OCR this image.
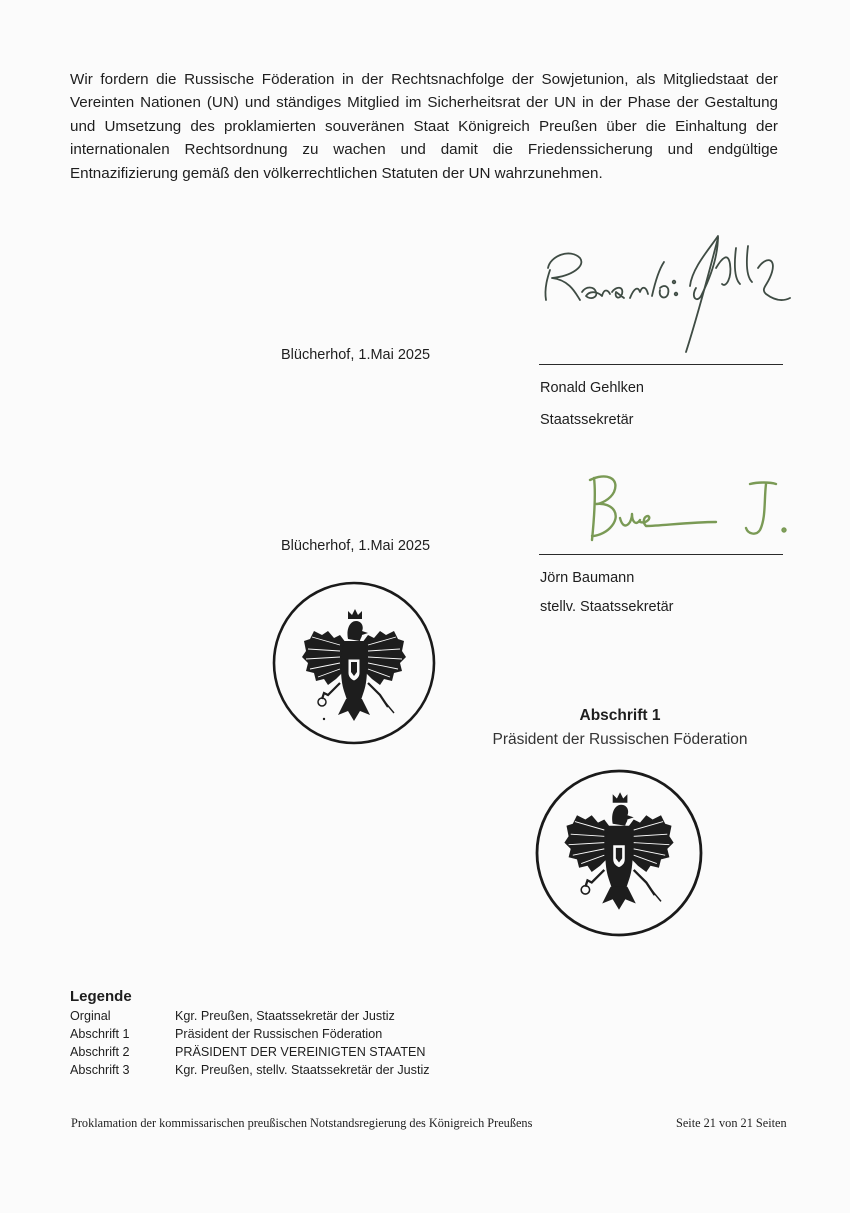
Wir fordern die Russische Föderation in der Rechtsnachfolge der Sowjetunion, als Mitgliedstaat der Vereinten Nationen (UN) und ständiges Mitglied im Sicherheitsrat der UN in der Phase der Gestaltung und Umsetzung des proklamierten souveränen Staat Königreich Preußen über die Einhaltung der internationalen Rechtsordnung zu wachen und damit die Friedenssicherung und endgültige Entnazifizierung gemäß den völkerrechtlichen Statuten der UN wahrzunehmen.

Blücherhof, 1.Mai 2025
Ronald Gehlken
Staatssekretär
Blücherhof, 1.Mai 2025
Jörn Baumann
stellv. Staatssekretär
Abschrift 1
Präsident der Russischen Föderation
Legende
Orginal	Kgr. Preußen, Staatssekretär der Justiz
Abschrift 1	Präsident der Russischen Föderation
Abschrift 2	PRÄSIDENT DER VEREINIGTEN STAATEN
Abschrift 3	Kgr. Preußen, stellv. Staatssekretär der Justiz
Proklamation der kommissarischen preußischen Notstandsregierung des Königreich Preußens	Seite 21 von 21 Seiten
